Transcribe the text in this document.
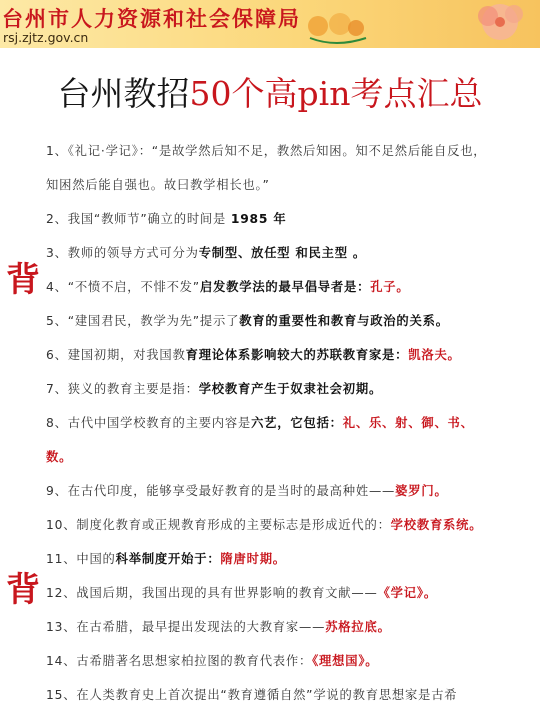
台州市人力资源和社会保障局
rsj.zjtz.gov.cn
台州教招50个高pin考点汇总
背
背

1、《礼记·学记》：“是故学然后知不足，教然后知困。知不足然后能自反也，知困然后能自强也。故曰教学相长也。”

2、我国“教师节”确立的时间是 1985 年

3、教师的领导方式可分为专制型、放任型 和民主型 。

4、“不愤不启，不悱不发”启发教学法的最早倡导者是：孔子。

5、“建国君民，教学为先”提示了教育的重要性和教育与政治的关系。

6、建国初期，对我国教育理论体系影响较大的苏联教育家是：凯洛夫。

7、狭义的教育主要是指：学校教育产生于奴隶社会初期。

8、古代中国学校教育的主要内容是六艺，它包括：礼、乐、射、御、书、数。

9、在古代印度，能够享受最好教育的是当时的最高种姓——婆罗门。

10、制度化教育或正规教育形成的主要标志是形成近代的：学校教育系统。

11、中国的科举制度开始于：隋唐时期。

12、战国后期，我国出现的具有世界影响的教育文献——《学记》。

13、在古希腊，最早提出发现法的大教育家——苏格拉底。

14、古希腊著名思想家柏拉图的教育代表作：《理想国》。

15、在人类教育史上首次提出“教育遵循自然”学说的教育思想家是古希
